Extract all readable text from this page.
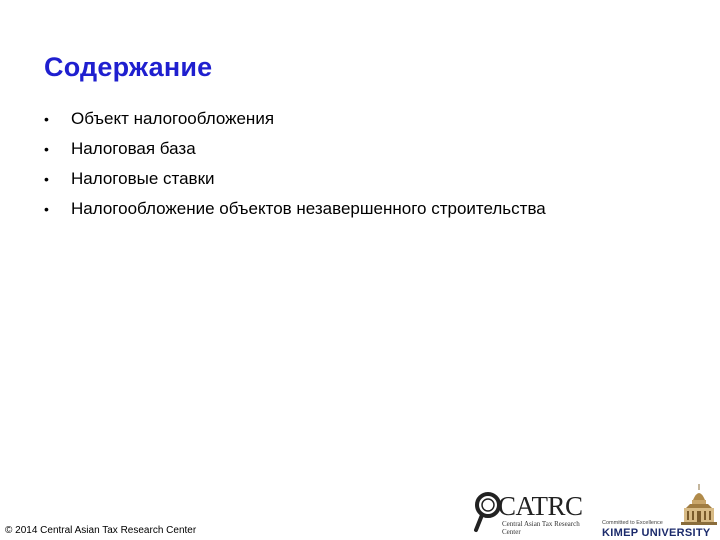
Содержание
•	Объект налогообложения
•	Налоговая база
•	Налоговые ставки
•	Налогообложение объектов незавершенного строительства
© 2014 Central Asian Tax Research Center
CATRC
Central Asian Tax Research Center
Committed to Excellence
KIMEP UNIVERSITY
